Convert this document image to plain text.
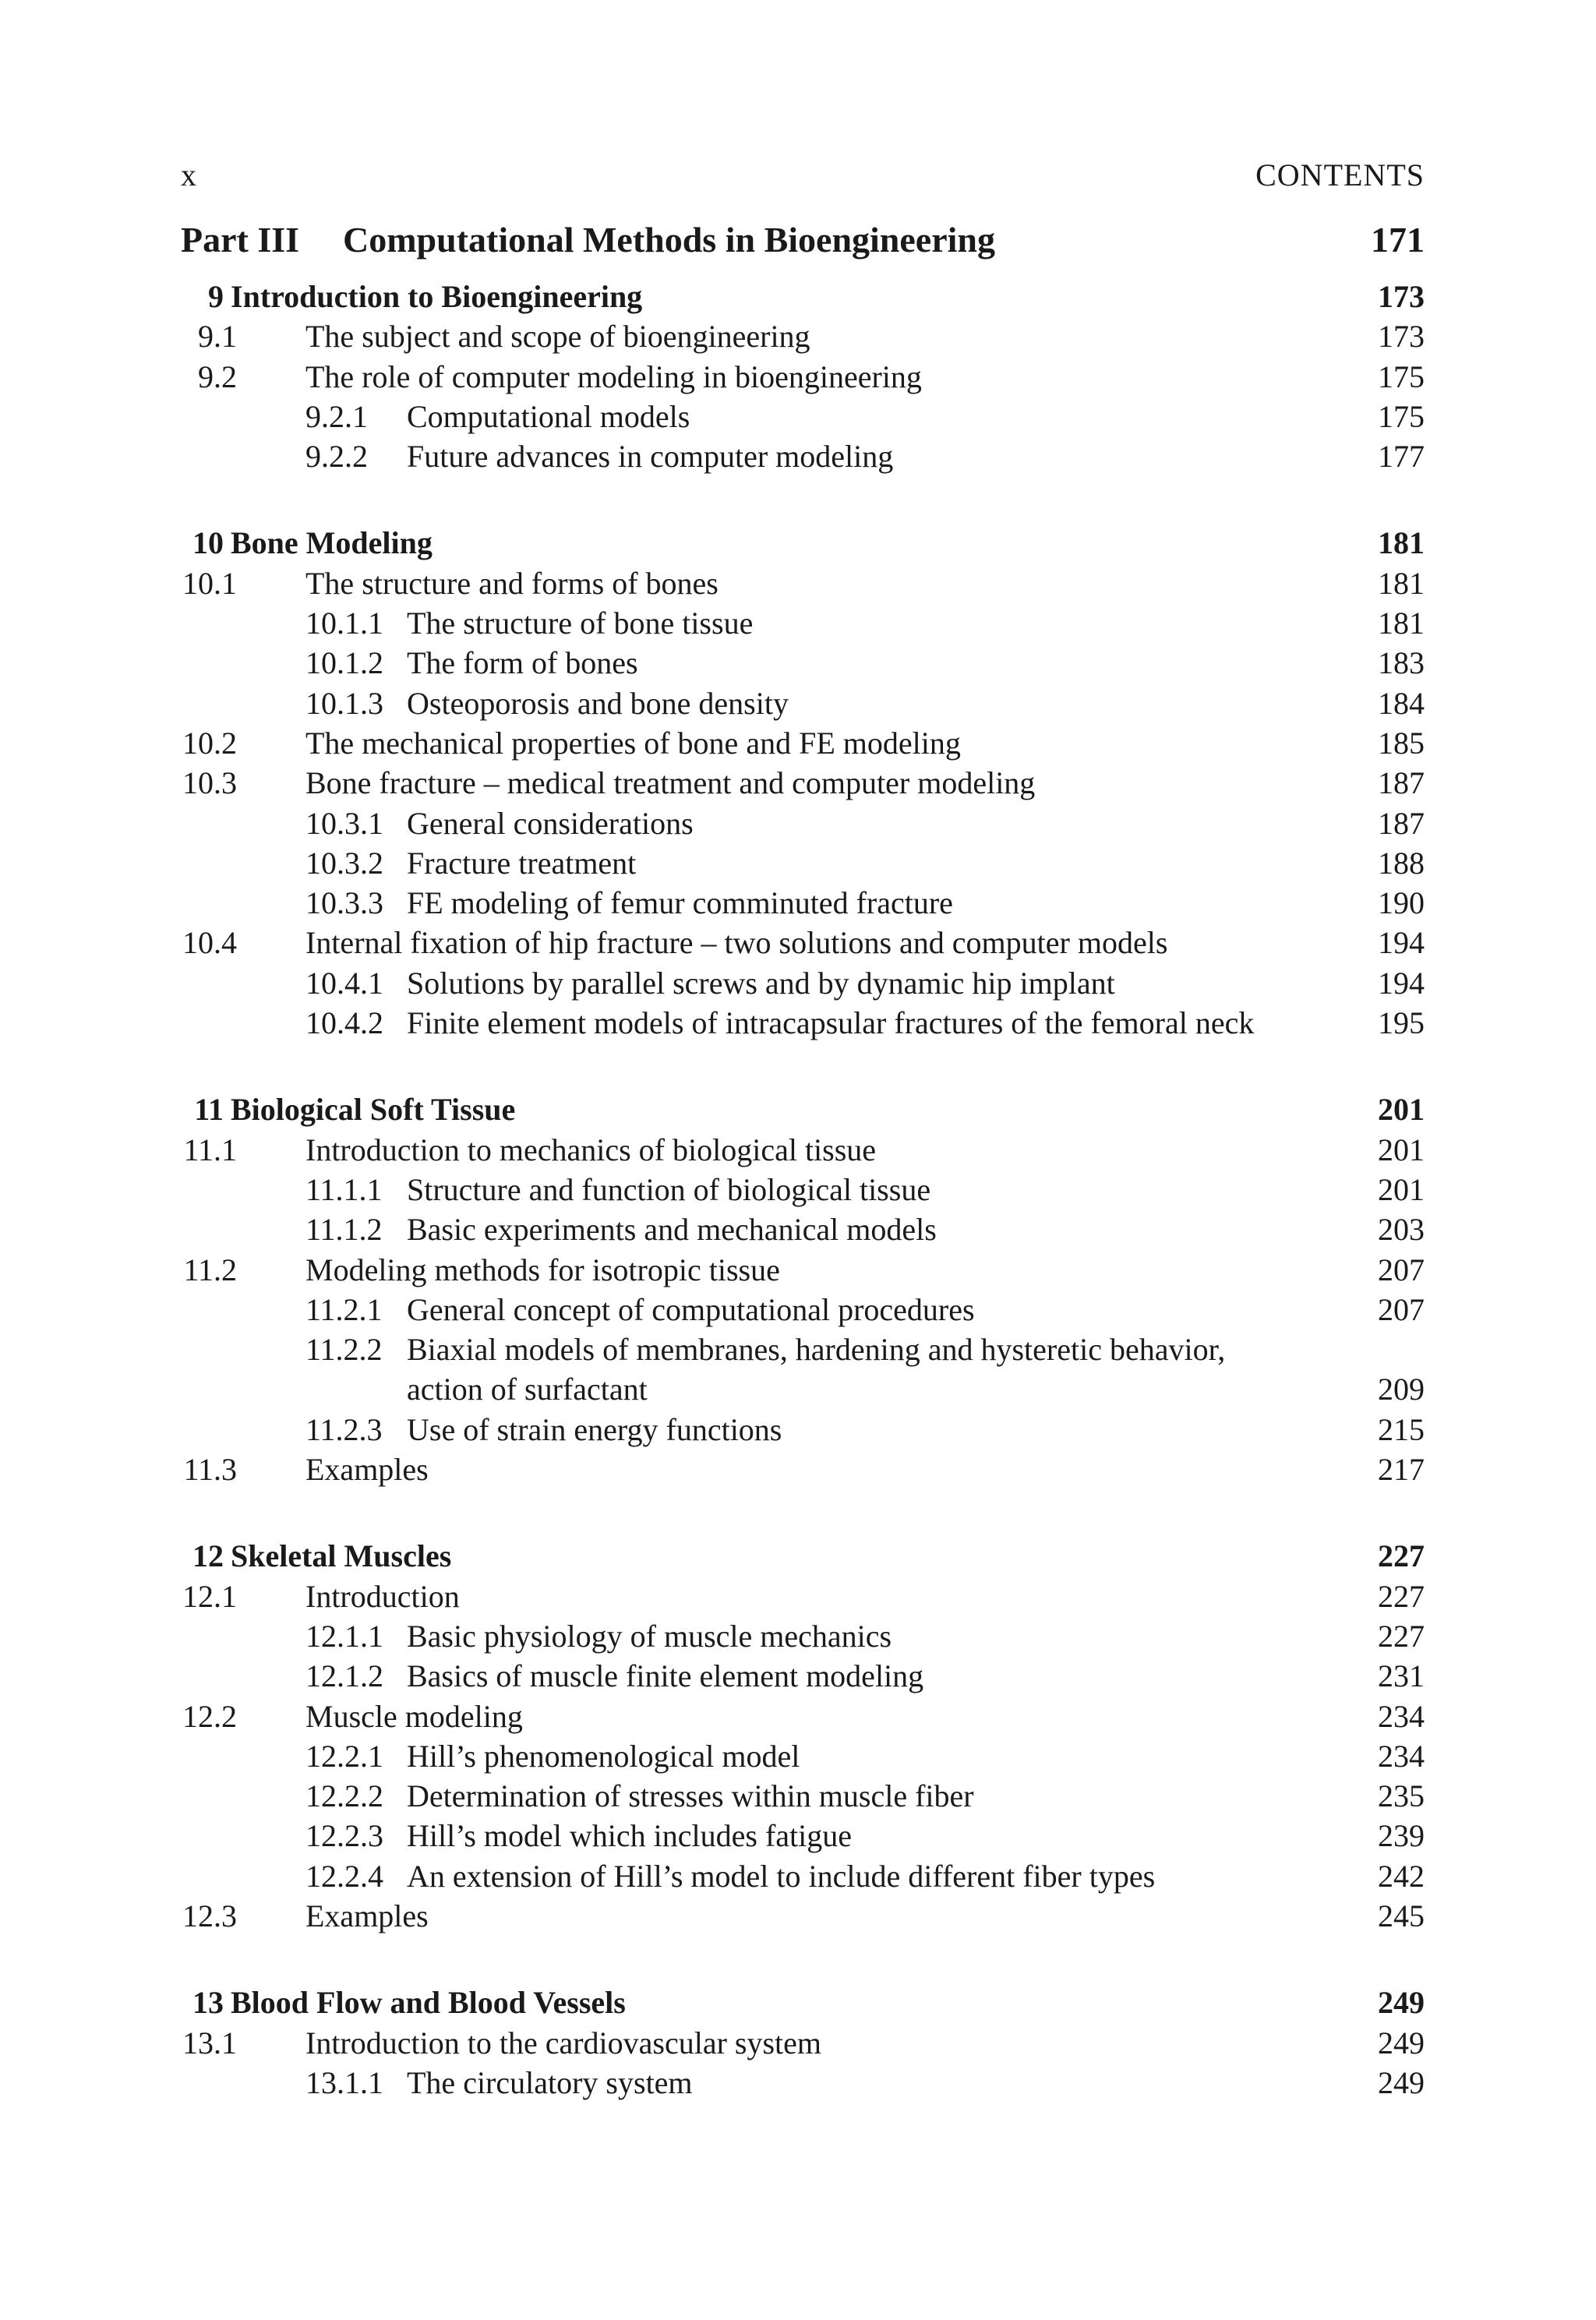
x	CONTENTS
Part III Computational Methods in Bioengineering	171
9 Introduction to Bioengineering	173
9.1 The subject and scope of bioengineering	173
9.2 The role of computer modeling in bioengineering	175
9.2.1 Computational models	175
9.2.2 Future advances in computer modeling	177
10 Bone Modeling	181
10.1 The structure and forms of bones	181
10.1.1 The structure of bone tissue	181
10.1.2 The form of bones	183
10.1.3 Osteoporosis and bone density	184
10.2 The mechanical properties of bone and FE modeling	185
10.3 Bone fracture – medical treatment and computer modeling	187
10.3.1 General considerations	187
10.3.2 Fracture treatment	188
10.3.3 FE modeling of femur comminuted fracture	190
10.4 Internal fixation of hip fracture – two solutions and computer models	194
10.4.1 Solutions by parallel screws and by dynamic hip implant	194
10.4.2 Finite element models of intracapsular fractures of the femoral neck	195
11 Biological Soft Tissue	201
11.1 Introduction to mechanics of biological tissue	201
11.1.1 Structure and function of biological tissue	201
11.1.2 Basic experiments and mechanical models	203
11.2 Modeling methods for isotropic tissue	207
11.2.1 General concept of computational procedures	207
11.2.2 Biaxial models of membranes, hardening and hysteretic behavior,
action of surfactant	209
11.2.3 Use of strain energy functions	215
11.3 Examples	217
12 Skeletal Muscles	227
12.1 Introduction	227
12.1.1 Basic physiology of muscle mechanics	227
12.1.2 Basics of muscle finite element modeling	231
12.2 Muscle modeling	234
12.2.1 Hill’s phenomenological model	234
12.2.2 Determination of stresses within muscle fiber	235
12.2.3 Hill’s model which includes fatigue	239
12.2.4 An extension of Hill’s model to include different fiber types	242
12.3 Examples	245
13 Blood Flow and Blood Vessels	249
13.1 Introduction to the cardiovascular system	249
13.1.1 The circulatory system	249
